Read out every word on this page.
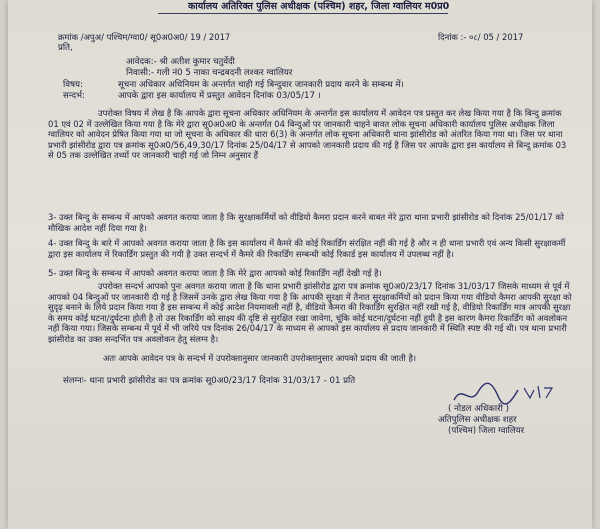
कार्यालय अतिरिक्त पुलिस अधीक्षक (पश्चिम) शहर, जिला ग्वालियर म0प्र0
क्रमांक /अपुअ/ पश्चिम/ग्वा0/ सू0अ0अ0/ 19 / 2017	दिनांक :- ०८/ 05 / 2017
प्रति,
आवेदक:- श्री अतीश कुमार चतुर्वेदी
निवासी:- गली नं0 5 नाका चन्द्रबदनी लश्कर ग्वालियर
विषय:	सूचना अधिकार अधिनियम के अन्तर्गत चाही गई बिन्दुवार जानकारी प्रदाय करने के सम्बन्ध में।
सन्दर्भ:	आपके द्वारा इस कार्यालय में प्रस्तुत आवेदन दिनांक 03/05/17 ।
उपरोक्त विषय में लेख है कि आपके द्वारा सूचना अधिकार अधिनियम के अन्तर्गत इस कार्यालय में आवेदन पत्र प्रस्तुत कर लेख किया गया है कि बिन्दु क्रमांक 01 एवं 02 में उल्लेखित किया गया है कि मेरे द्वारा सू0अ0अ0 के अन्तर्गत 04 बिन्दुओं पर जानकारी चाहने बावत लोक सूचना अधिकारी कार्यालय पुलिस अधीक्षक जिला ग्वालियर को आवेदन प्रेषित किया गया था जो सूचना के अधिकार की धारा 6(3) के अन्तर्गत लोक सूचना अधिकारी थाना झांसीरोड को अंतरित किया गया था। जिस पर थाना प्रभारी झांसीरोड द्वारा पत्र क्रमांक सू0अ0/56,49,30/17 दिनांक 25/04/17 से आपको जानकारी प्रदाय की गई है जिस पर आपके द्वारा इस कार्यालय से बिन्दु क्रमांक 03 से 05 तक उल्लेखित तथ्यों पर जानकारी चाही गई जो निम्न अनुसार हैं
3- उक्त बिन्दु के सम्बन्ध में आपको अवगत कराया जाता है कि सुरक्षाकर्मियों को वीडियो कैमरा प्रदान करने बाबत मेरे द्वारा थाना प्रभारी झांसीरोड को दिनांक 25/01/17 को मौखिक आदेश नहीं दिया गया है।
4- उक्त बिन्दु के बारे में आपको अवगत कराया जाता है कि इस कार्यालय में कैमरे की कोई रिकार्डिंग संरक्षित नहीं की गई है और न ही थाना प्रभारी एवं अन्य किसी सुरक्षाकर्मी द्वारा इस कार्यालय में रिकार्डिंग प्रस्तुत की गयी है उक्त सन्दर्भ में कैमरे की रिकार्डिंग सम्बन्धी कोई रिकार्ड इस कार्यालय में उपलब्ध नहीं है।
5- उक्त बिन्दु के सम्बन्ध में आपको अवगत कराया जाता है कि मेरे द्वारा आपको कोई रिकार्डिंग नहीं देखी गई है।
उपरोक्त सन्दर्भ आपको पुनः अवगत कराया जाता है कि थाना प्रभारी झांसीरोड द्वारा पत्र क्रमांक सू0अ0/23/17 दिनांक 31/03/17 जिसके माध्यम से पूर्व में आपको 04 बिन्दुओं पर जानकारी दी गई है जिसमें उनके द्वारा लेख किया गया है कि आपकी सुरक्षा में तैनात सुरक्षाकर्मियों को प्रदान किया गया वीडियो कैमरा आपकी सुरक्षा को सुदृढ़ बनाने के लिये प्रदान किया गया है इस सम्बन्ध में कोई आदेश नियमावली नहीं है, वीडियो कैमरा की रिकार्डिंग सुरक्षित नहीं रखी गई है, वीडियो रिकार्डिंग मात्र आपकी सुरक्षा के समय कोई घटना/दुर्घटना होती है तो उस रिकार्डिंग को साक्ष्य की दृष्टि से सुरक्षित रखा जावेगा, चूंकि कोई घटना/दुर्घटना नहीं हुयी है इस कारण कैमरा रिकार्डिंग को अवलोकन नहीं किया गया। जिसके सम्बन्ध में पूर्व में भी जरिये पत्र दिनांक 26/04/17 के माध्यम से आपको इस कार्यालय से प्रदाय जानकारी में स्थिति स्पष्ट की गई थी। पत्र थाना प्रभारी झांसीरोड का उक्त सन्दर्भित पत्र अवलोकन हेतु संलग्न है।
अतः आपके आवेदन पत्र के सन्दर्भ में उपरोक्तानुसार जानकारी उपरोक्तानुसार आपको प्रदाय की जाती है।
संलग्नः- थाना प्रभारी झांसीरोड का पत्र क्रमांक सू0अ0/23/17 दिनांक 31/03/17 - 01 प्रति
( नोडल अधिकारी )
अतिपुलिस अधीक्षक शहर
(पश्चिम) जिला ग्वालियर
